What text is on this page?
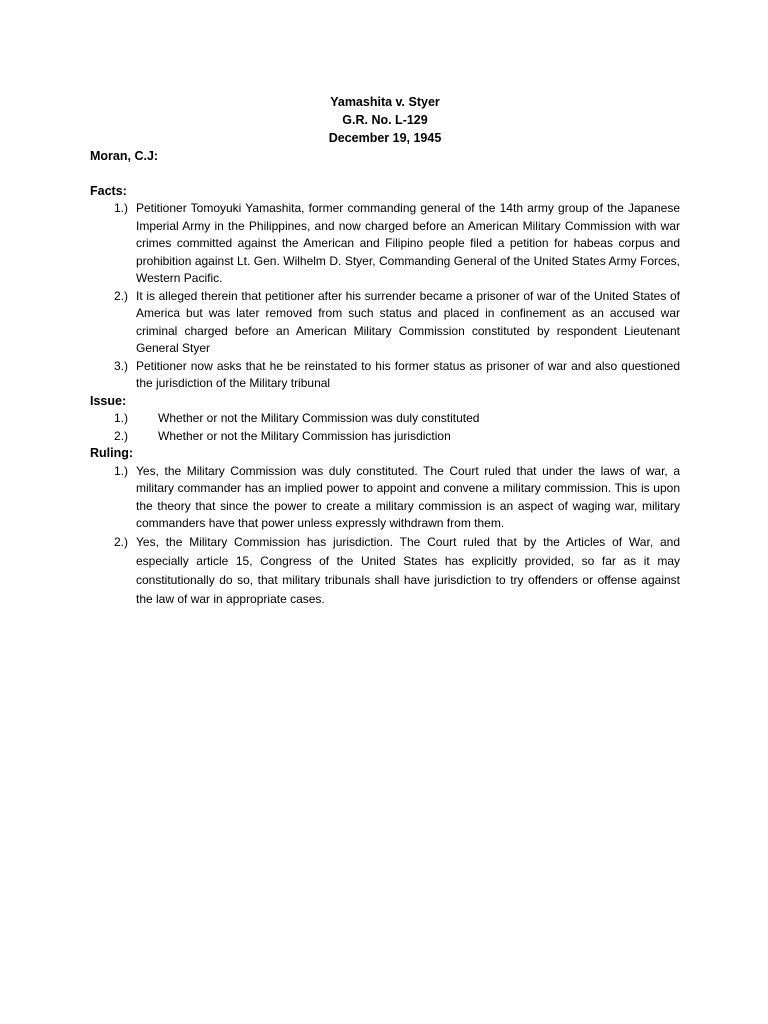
Yamashita v. Styer
G.R. No. L-129
December 19, 1945
Moran, C.J:
Facts:
1.) Petitioner Tomoyuki Yamashita, former commanding general of the 14th army group of the Japanese Imperial Army in the Philippines, and now charged before an American Military Commission with war crimes committed against the American and Filipino people filed a petition for habeas corpus and prohibition against Lt. Gen. Wilhelm D. Styer, Commanding General of the United States Army Forces, Western Pacific.
2.) It is alleged therein that petitioner after his surrender became a prisoner of war of the United States of America but was later removed from such status and placed in confinement as an accused war criminal charged before an American Military Commission constituted by respondent Lieutenant General Styer
3.) Petitioner now asks that he be reinstated to his former status as prisoner of war and also questioned the jurisdiction of the Military tribunal
Issue:
1.) Whether or not the Military Commission was duly constituted
2.) Whether or not the Military Commission has jurisdiction
Ruling:
1.) Yes, the Military Commission was duly constituted. The Court ruled that under the laws of war, a military commander has an implied power to appoint and convene a military commission. This is upon the theory that since the power to create a military commission is an aspect of waging war, military commanders have that power unless expressly withdrawn from them.
2.) Yes, the Military Commission has jurisdiction. The Court ruled that by the Articles of War, and especially article 15, Congress of the United States has explicitly provided, so far as it may constitutionally do so, that military tribunals shall have jurisdiction to try offenders or offense against the law of war in appropriate cases.
